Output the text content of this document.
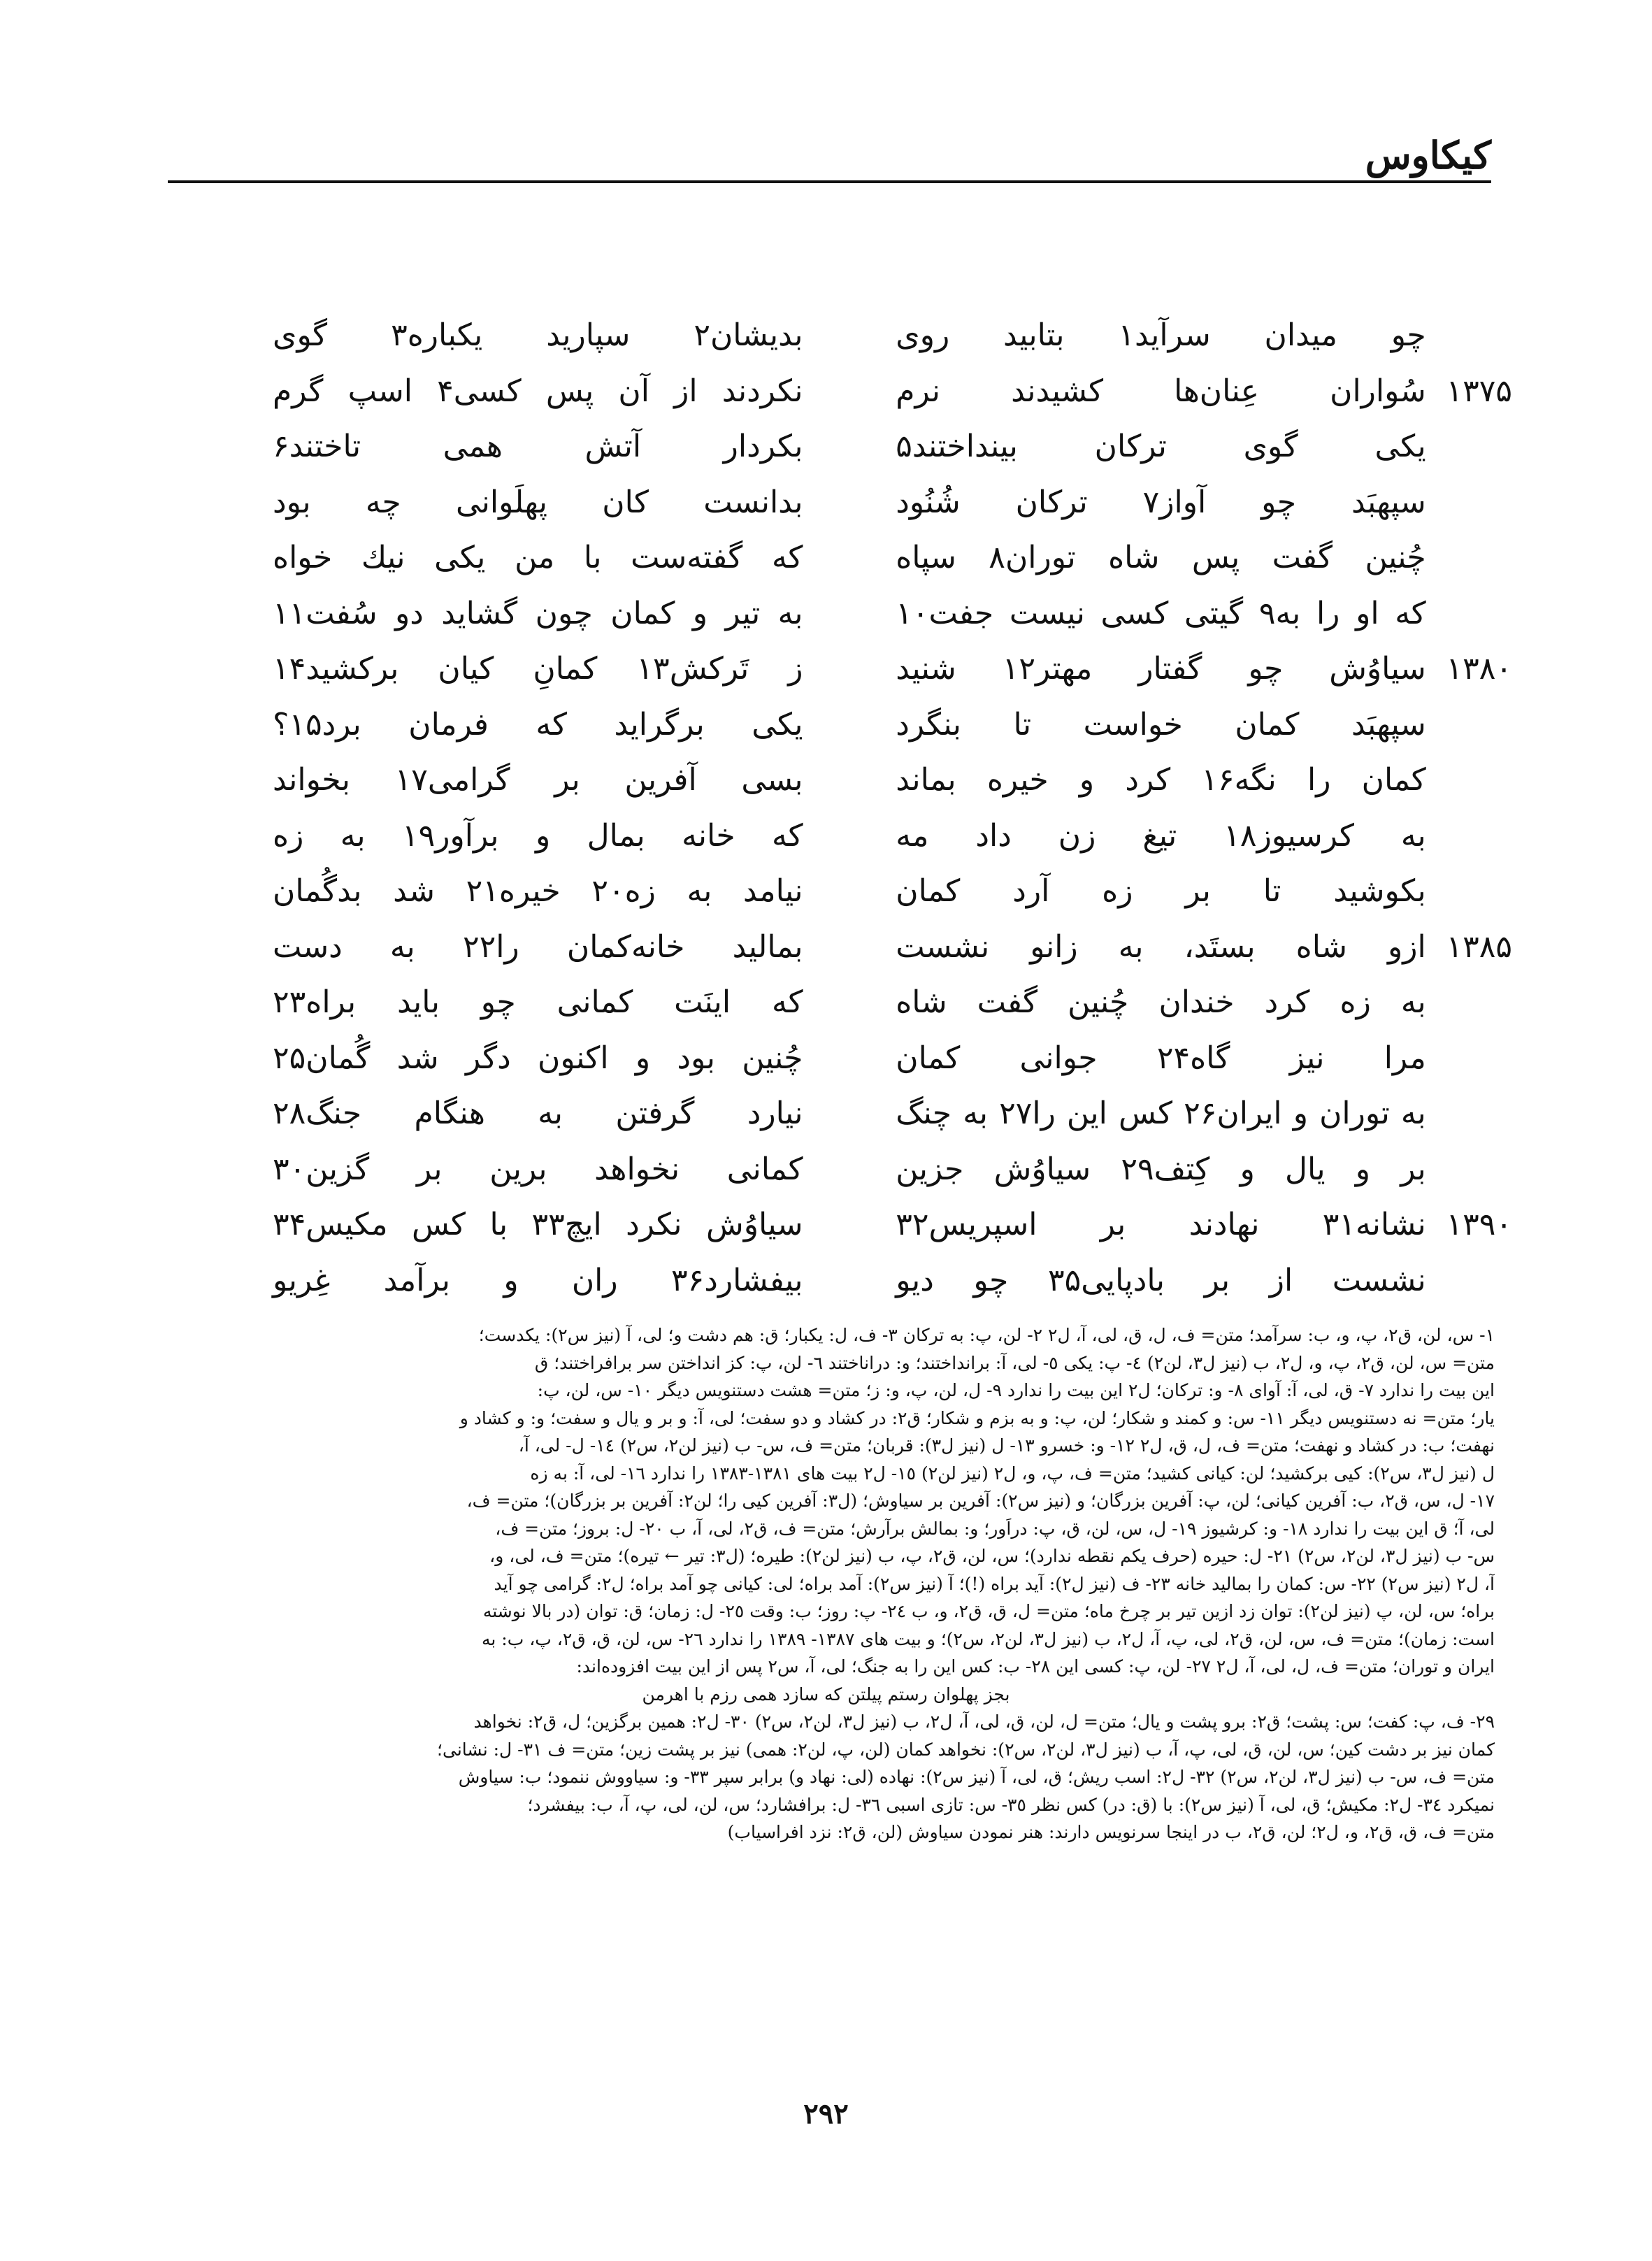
کیکاوس
چو میدان سرآید۱ بتابید روی
بدیشان۲ سپارید یکباره۳ گوی
۱۳۷۵
سُواران عِنان‌ها کشیدند نرم
نکردند از آن پس کسی۴ اسپ گرم
یکی گوی ترکان بینداختند۵
بکردار آتش همی تاختند۶
سپهبَد چو آواز۷ ترکان شُنُود
بدانست کان پهلَوانی چه بود
چُنین گفت پس شاه توران۸ سپاه
که گفته‌ست با من یکی نیك خواه
که او را به۹ گیتی کسی نیست جفت۱۰
به تیر و کمان چون گشاید دو سُفت۱۱
۱۳۸۰
سیاوُش چو گفتار مهتر۱۲ شنید
ز تَرکش۱۳ کمانِ کیان برکشید۱۴
سپهبَد کمان خواست تا بنگرد
یکی برگراید که فرمان برد۱۵؟
کمان را نگه۱۶ کرد و خیره بماند
بسی آفرین بر گرامی۱۷ بخواند
به کرسیوز۱۸ تیغ زن داد مه
که خانه بمال و برآور۱۹ به زه
بکوشید تا بر زه آرد کمان
نیامد به زه۲۰ خیره۲۱ شد بدگُمان
۱۳۸۵
ازو شاه بستَد، به زانو نشست
بمالید خانه‌کمان را۲۲ به دست
به زه کرد خندان چُنین گفت شاه
که اینَت کمانی چو باید براه۲۳
مرا نیز گاه۲۴ جوانی کمان
چُنین بود و اکنون دگر شد گُمان۲۵
به توران و ایران۲۶ کس این را۲۷ به چنگ
نیارد گرفتن به هنگام جنگ۲۸
بر و یال و کِتف۲۹ سیاوُش جزین
کمانی نخواهد برین بر گزین۳۰
۱۳۹۰
نشانه۳۱ نهادند بر اسپریس۳۲
سیاوُش نکرد ایچ۳۳ با کس مکیس۳۴
نشست از بر بادپایی۳۵ چو دیو
بیفشارد۳۶ ران و برآمد غِریو
۱- س، لن، ق۲، پ، و، ب: سرآمد؛ متن= ف، ل، ق، لی، آ، ل۲ ۲- لن، پ: به ترکان ۳- ف، ل: یکبار؛ ق: هم دشت و؛ لی، آ (نیز س۲): یکدست؛
متن= س، لن، ق۲، پ، و، ل۲، ب (نیز ل۳، لن۲) ٤- پ: یکی ٥- لی، آ: برانداختند؛ و: دراناختند ٦- لن، پ: کز انداختن سر برافراختند؛ ق
این بیت را ندارد ٧- ق، لی، آ: آوای ٨- و: ترکان؛ ل۲ این بیت را ندارد ٩- ل، لن، پ، و: ز؛ متن= هشت دستنویس دیگر ١٠- س، لن، پ:
یار؛ متن= نه دستنویس دیگر ١١- س: و کمند و شکار؛ لن، پ: و به بزم و شکار؛ ق۲: در کشاد و دو سفت؛ لی، آ: و بر و یال و سفت؛ و: و کشاد و
نهفت؛ ب: در کشاد و نهفت؛ متن= ف، ل، ق، ل۲ ١٢- و: خسرو ١٣- ل (نیز ل۳): قربان؛ متن= ف، س- ب (نیز لن۲، س۲) ١٤- ل- لی، آ،
ل (نیز ل۳، س۲): کیی برکشید؛ لن: کیانی کشید؛ متن= ف، پ، و، ل۲ (نیز لن۲) ١٥- ل۲ بیت های ۱۳۸۱-۱۳۸۳ را ندارد ١٦- لی، آ: به زه
١٧- ل، س، ق۲، ب: آفرین کیانی؛ لن، پ: آفرین بزرگان؛ و (نیز س۲): آفرین بر سیاوش؛ (ل۳: آفرین کیی را؛ لن۲: آفرین بر بزرگان)؛ متن= ف،
لی، آ؛ ق این بیت را ندارد ١٨- و: کرشیوز ١٩- ل، س، لن، ق، پ: دراَور؛ و: بمالش برآرش؛ متن= ف، ق۲، لی، آ، ب ٢٠- ل: بروز؛ متن= ف،
س- ب (نیز ل۳، لن۲، س۲) ٢١- ل: حیره (حرف یکم نقطه ندارد)؛ س، لن، ق۲، پ، ب (نیز لن۲): طیره؛ (ل۳: تیر ← تیره)؛ متن= ف، لی، و،
آ، ل۲ (نیز س۲) ٢٢- س: کمان را بمالید خانه ٢٣- ف (نیز ل۲): آید براه (!)؛ آ (نیز س۲): آمد براه؛ لی: کیانی چو آمد براه؛ ل۲: گرامی چو آید
براه؛ س، لن، پ (نیز لن۲): توان زد ازین تیر بر چرخ ماه؛ متن= ل، ق، ق۲، و، ب ٢٤- پ: روز؛ ب: وقت ٢٥- ل: زمان؛ ق: توان (در بالا نوشته
است: زمان)؛ متن= ف، س، لن، ق۲، لی، پ، آ، ل۲، ب (نیز ل۳، لن۲، س۲)؛ و بیت های ۱۳۸۷- ۱۳۸۹ را ندارد ٢٦- س، لن، ق، ق۲، پ، ب: به
ایران و توران؛ متن= ف، ل، لی، آ، ل۲ ٢٧- لن، پ: کسی این ٢٨- ب: کس این را به جنگ؛ لی، آ، س۲ پس از این بیت افزوده‌اند:
بجز پهلوان رستم پیلتن که سازد همی رزم با اهرمن
٢٩- ف، پ: کفت؛ س: پشت؛ ق۲: برو پشت و یال؛ متن= ل، لن، ق، لی، آ، ل۲، ب (نیز ل۳، لن۲، س۲) ٣٠- ل۲: همین برگزین؛ ل، ق۲: نخواهد
کمان نیز بر دشت کین؛ س، لن، ق، لی، پ، آ، ب (نیز ل۳، لن۲، س۲): نخواهد کمان (لن، پ، لن۲: همی) نیز بر پشت زین؛ متن= ف ٣١- ل: نشانی؛
متن= ف، س- ب (نیز ل۳، لن۲، س۲) ٣٢- ل۲: اسب ریش؛ ق، لی، آ (نیز س۲): نهاده (لی: نهاد و) برابر سپر ٣٣- و: سیاووش ننمود؛ ب: سیاوش
نمیکرد ٣٤- ل۲: مکیش؛ ق، لی، آ (نیز س۲): با (ق: در) کس نظر ٣٥- س: تازی اسبی ٣٦- ل: برافشارد؛ س، لن، لی، پ، آ، ب: بیفشرد؛
متن= ف، ق، ق۲، و، ل۲؛ لن، ق۲، ب در اینجا سرنویس دارند: هنر نمودن سیاوش (لن، ق۲: نزد افراسیاب)
۲۹۲
